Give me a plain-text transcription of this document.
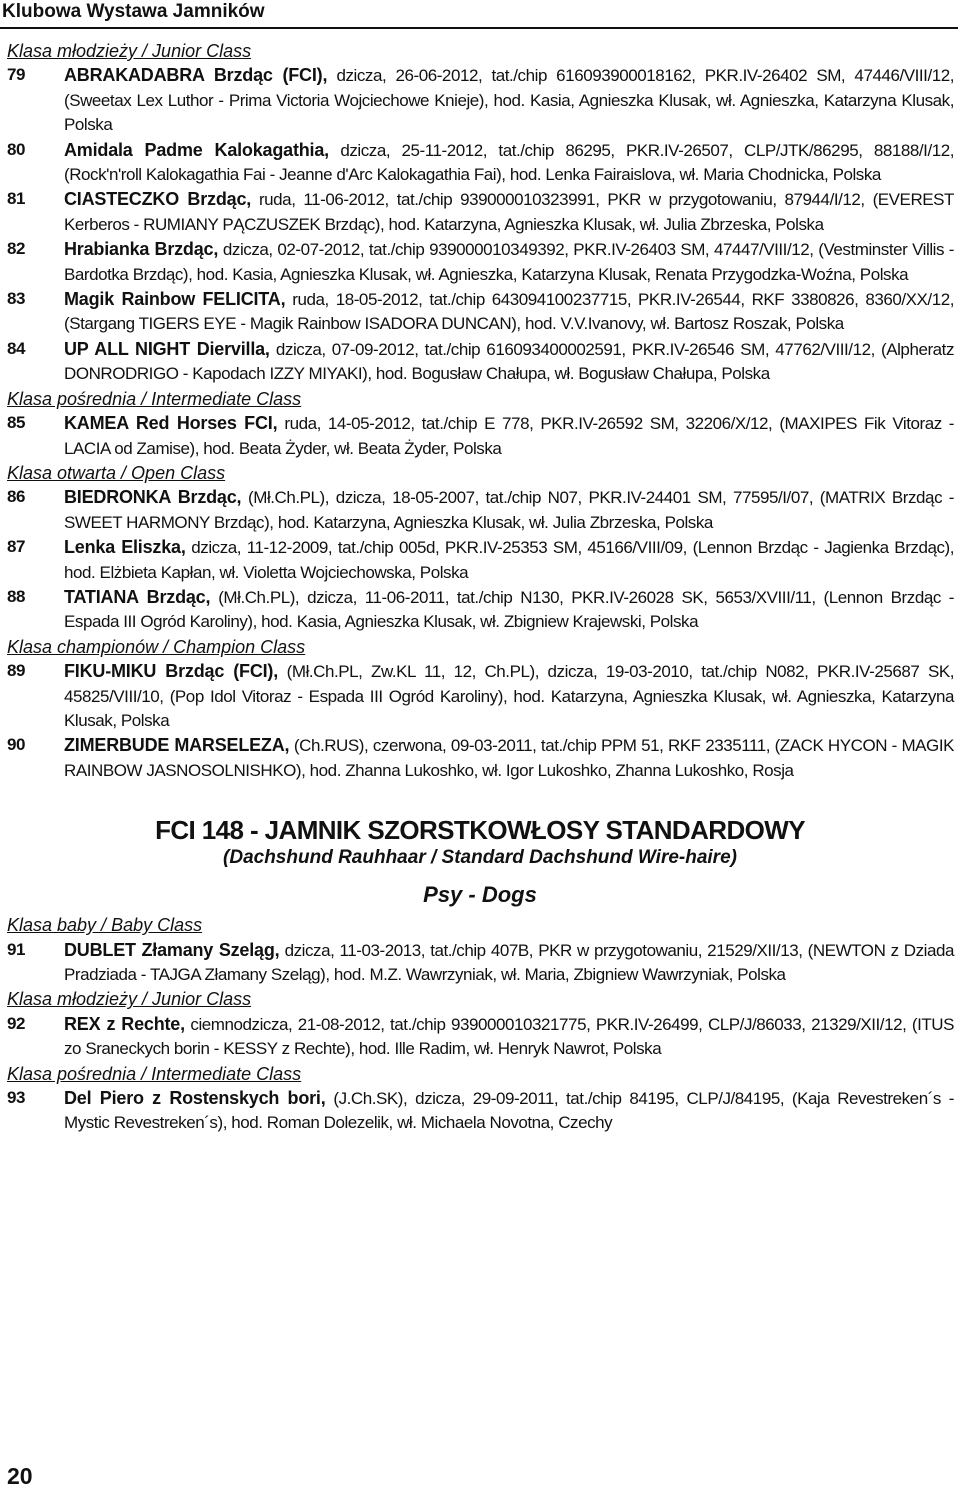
Klubowa Wystawa Jamników
Klasa młodzieży / Junior Class
79 ABRAKADABRA Brzdąc (FCI), dzicza, 26-06-2012, tat./chip 616093900018162, PKR.IV-26402 SM, 47446/VIII/12, (Sweetax Lex Luthor - Prima Victoria Wojciechowe Knieje), hod. Kasia, Agnieszka Klusak, wł. Agnieszka, Katarzyna Klusak, Polska
80 Amidala Padme Kalokagathia, dzicza, 25-11-2012, tat./chip 86295, PKR.IV-26507, CLP/JTK/86295, 88188/I/12, (Rock'n'roll Kalokagathia Fai - Jeanne d'Arc Kalokagathia Fai), hod. Lenka Fairaislova, wł. Maria Chodnicka, Polska
81 CIASTECZKO Brzdąc, ruda, 11-06-2012, tat./chip 939000010323991, PKR w przygotowaniu, 87944/I/12, (EVEREST Kerberos - RUMIANY PĄCZUSZEK Brzdąc), hod. Katarzyna, Agnieszka Klusak, wł. Julia Zbrzeska, Polska
82 Hrabianka Brzdąc, dzicza, 02-07-2012, tat./chip 939000010349392, PKR.IV-26403 SM, 47447/VIII/12, (Vestminster Villis - Bardotka Brzdąc), hod. Kasia, Agnieszka Klusak, wł. Agnieszka, Katarzyna Klusak, Renata Przygodzka-Woźna, Polska
83 Magik Rainbow FELICITA, ruda, 18-05-2012, tat./chip 643094100237715, PKR.IV-26544, RKF 3380826, 8360/XX/12, (Stargang TIGERS EYE - Magik Rainbow ISADORA DUNCAN), hod. V.V.Ivanovy, wł. Bartosz Roszak, Polska
84 UP ALL NIGHT Diervilla, dzicza, 07-09-2012, tat./chip 616093400002591, PKR.IV-26546 SM, 47762/VIII/12, (Alpheratz DONRODRIGO - Kapodach IZZY MIYAKI), hod. Bogusław Chałupa, wł. Bogusław Chałupa, Polska
Klasa pośrednia / Intermediate Class
85 KAMEA Red Horses FCI, ruda, 14-05-2012, tat./chip E 778, PKR.IV-26592 SM, 32206/X/12, (MAXIPES Fik Vitoraz - LACIA od Zamise), hod. Beata Żyder, wł. Beata Żyder, Polska
Klasa otwarta / Open Class
86 BIEDRONKA Brzdąc, (Mł.Ch.PL), dzicza, 18-05-2007, tat./chip N07, PKR.IV-24401 SM, 77595/I/07, (MATRIX Brzdąc - SWEET HARMONY Brzdąc), hod. Katarzyna, Agnieszka Klusak, wł. Julia Zbrzeska, Polska
87 Lenka Eliszka, dzicza, 11-12-2009, tat./chip 005d, PKR.IV-25353 SM, 45166/VIII/09, (Lennon Brzdąc - Jagienka Brzdąc), hod. Elżbieta Kapłan, wł. Violetta Wojciechowska, Polska
88 TATIANA Brzdąc, (Mł.Ch.PL), dzicza, 11-06-2011, tat./chip N130, PKR.IV-26028 SK, 5653/XVIII/11, (Lennon Brzdąc - Espada III Ogród Karoliny), hod. Kasia, Agnieszka Klusak, wł. Zbigniew Krajewski, Polska
Klasa championów / Champion Class
89 FIKU-MIKU Brzdąc (FCI), (Mł.Ch.PL, Zw.KL 11, 12, Ch.PL), dzicza, 19-03-2010, tat./chip N082, PKR.IV-25687 SK, 45825/VIII/10, (Pop Idol Vitoraz - Espada III Ogród Karoliny), hod. Katarzyna, Agnieszka Klusak, wł. Agnieszka, Katarzyna Klusak, Polska
90 ZIMERBUDE MARSELEZA, (Ch.RUS), czerwona, 09-03-2011, tat./chip PPM 51, RKF 2335111, (ZACK HYCON - MAGIK RAINBOW JASNOSOLNISHKO), hod. Zhanna Lukoshko, wł. Igor Lukoshko, Zhanna Lukoshko, Rosja
FCI 148 - JAMNIK SZORSTKOWŁOSY STANDARDOWY
(Dachshund Rauhhaar / Standard Dachshund Wire-haire)
Psy - Dogs
Klasa baby / Baby Class
91 DUBLET Złamany Szeląg, dzicza, 11-03-2013, tat./chip 407B, PKR w przygotowaniu, 21529/XII/13, (NEWTON z Dziada Pradziada - TAJGA Złamany Szeląg), hod. M.Z. Wawrzyniak, wł. Maria, Zbigniew Wawrzyniak, Polska
Klasa młodzieży / Junior Class
92 REX z Rechte, ciemnodzicza, 21-08-2012, tat./chip 939000010321775, PKR.IV-26499, CLP/J/86033, 21329/XII/12, (ITUS zo Sraneckych borin - KESSY z Rechte), hod. Ille Radim, wł. Henryk Nawrot, Polska
Klasa pośrednia / Intermediate Class
93 Del Piero z Rostenskych bori, (J.Ch.SK), dzicza, 29-09-2011, tat./chip 84195, CLP/J/84195, (Kaja Revestreken´s - Mystic Revestreken´s), hod. Roman Dolezelik, wł. Michaela Novotna, Czechy
20
